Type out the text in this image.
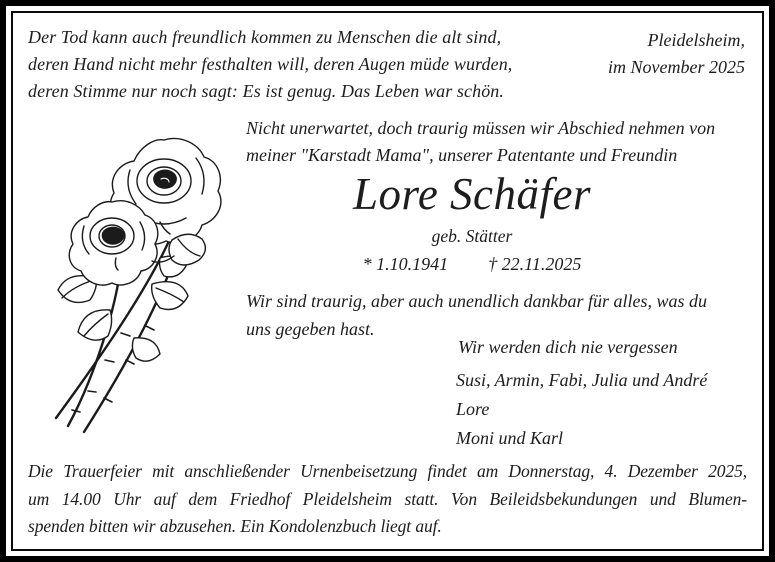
Der Tod kann auch freundlich kommen zu Menschen die alt sind,
deren Hand nicht mehr festhalten will, deren Augen müde wurden,
deren Stimme nur noch sagt: Es ist genug. Das Leben war schön.
Pleidelsheim,
im November 2025
Nicht unerwartet, doch traurig müssen wir Abschied nehmen von
meiner "Karstadt Mama", unserer Patentante und Freundin
Lore Schäfer
geb. Stätter
* 1.10.1941 † 22.11.2025
Wir sind traurig, aber auch unendlich dankbar für alles, was du
uns gegeben hast.
Wir werden dich nie vergessen
Susi, Armin, Fabi, Julia und André
Lore
Moni und Karl
Die Trauerfeier mit anschließender Urnenbeisetzung findet am Donnerstag, 4. Dezember 2025,
um 14.00 Uhr auf dem Friedhof Pleidelsheim statt. Von Beileidsbekundungen und Blumen-
spenden bitten wir abzusehen. Ein Kondolenzbuch liegt auf.
